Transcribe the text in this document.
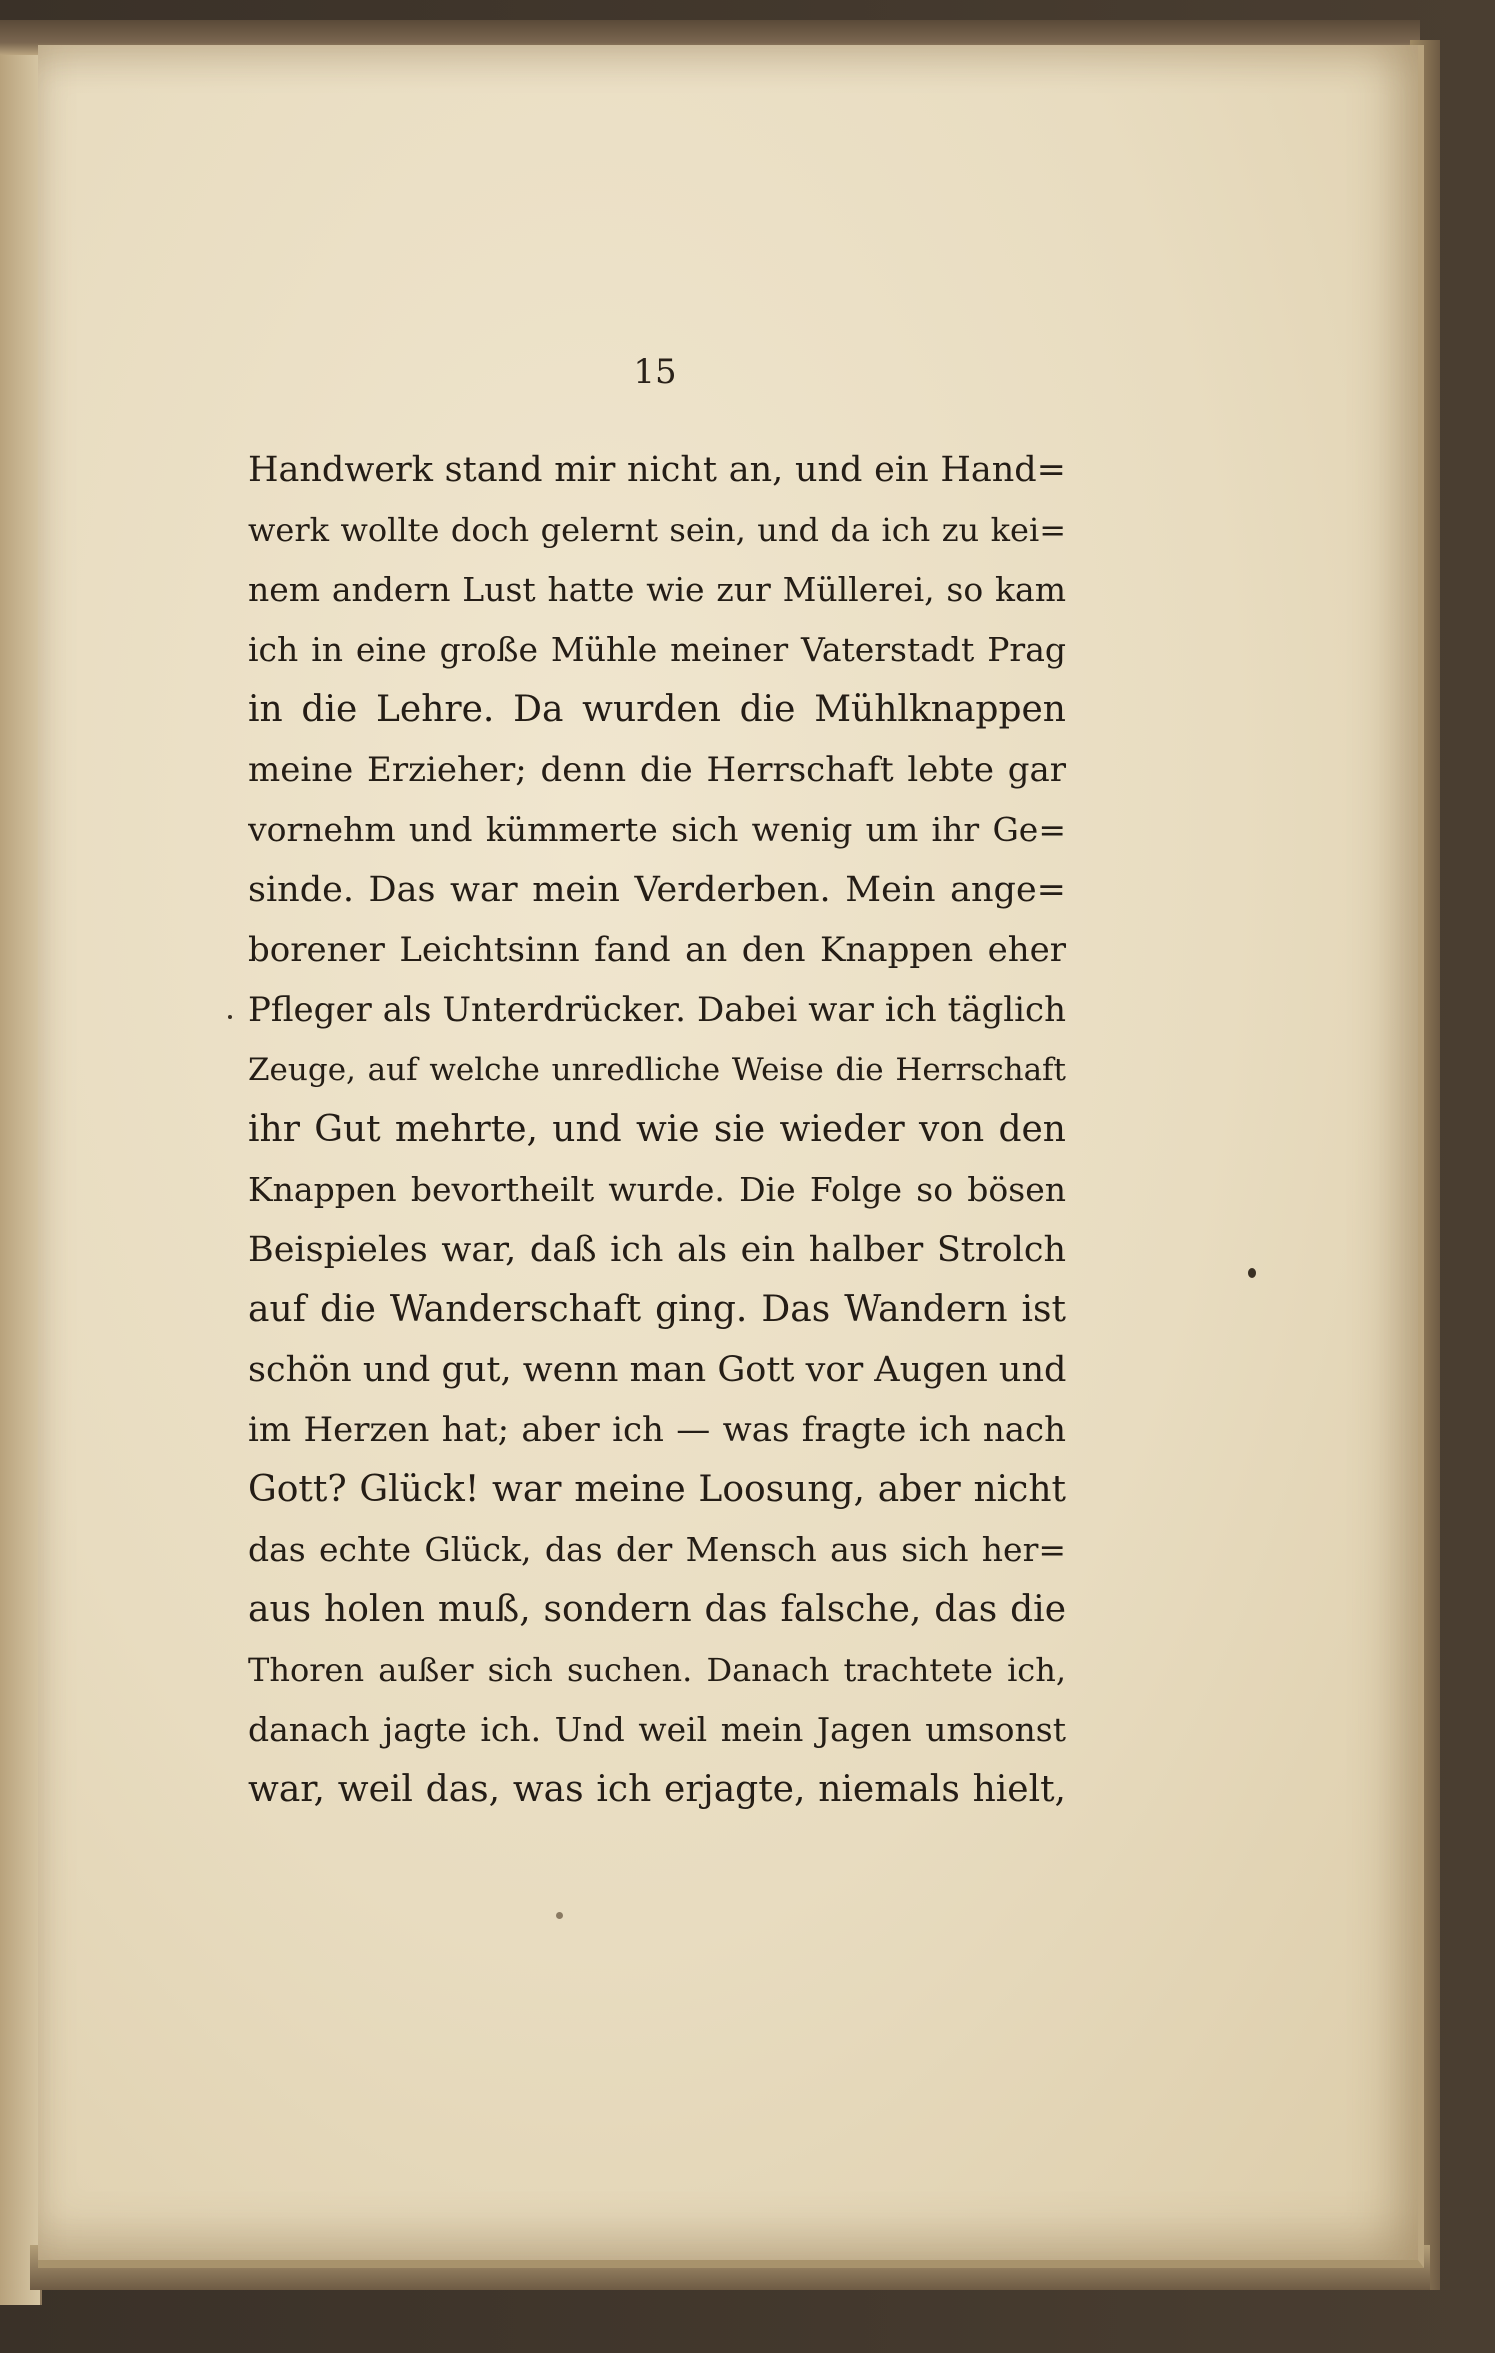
15
Handwerk stand mir nicht an, und ein Hand=
werk wollte doch gelernt sein, und da ich zu kei=
nem andern Lust hatte wie zur Müllerei, so kam
ich in eine große Mühle meiner Vaterstadt Prag
in die Lehre. Da wurden die Mühlknappen
meine Erzieher; denn die Herrschaft lebte gar
vornehm und kümmerte sich wenig um ihr Ge=
sinde. Das war mein Verderben. Mein ange=
borener Leichtsinn fand an den Knappen eher
Pfleger als Unterdrücker. Dabei war ich täglich
Zeuge, auf welche unredliche Weise die Herrschaft
ihr Gut mehrte, und wie sie wieder von den
Knappen bevortheilt wurde. Die Folge so bösen
Beispieles war, daß ich als ein halber Strolch
auf die Wanderschaft ging. Das Wandern ist
schön und gut, wenn man Gott vor Augen und
im Herzen hat; aber ich — was fragte ich nach
Gott? Glück! war meine Loosung, aber nicht
das echte Glück, das der Mensch aus sich her=
aus holen muß, sondern das falsche, das die
Thoren außer sich suchen. Danach trachtete ich,
danach jagte ich. Und weil mein Jagen umsonst
war, weil das, was ich erjagte, niemals hielt,
